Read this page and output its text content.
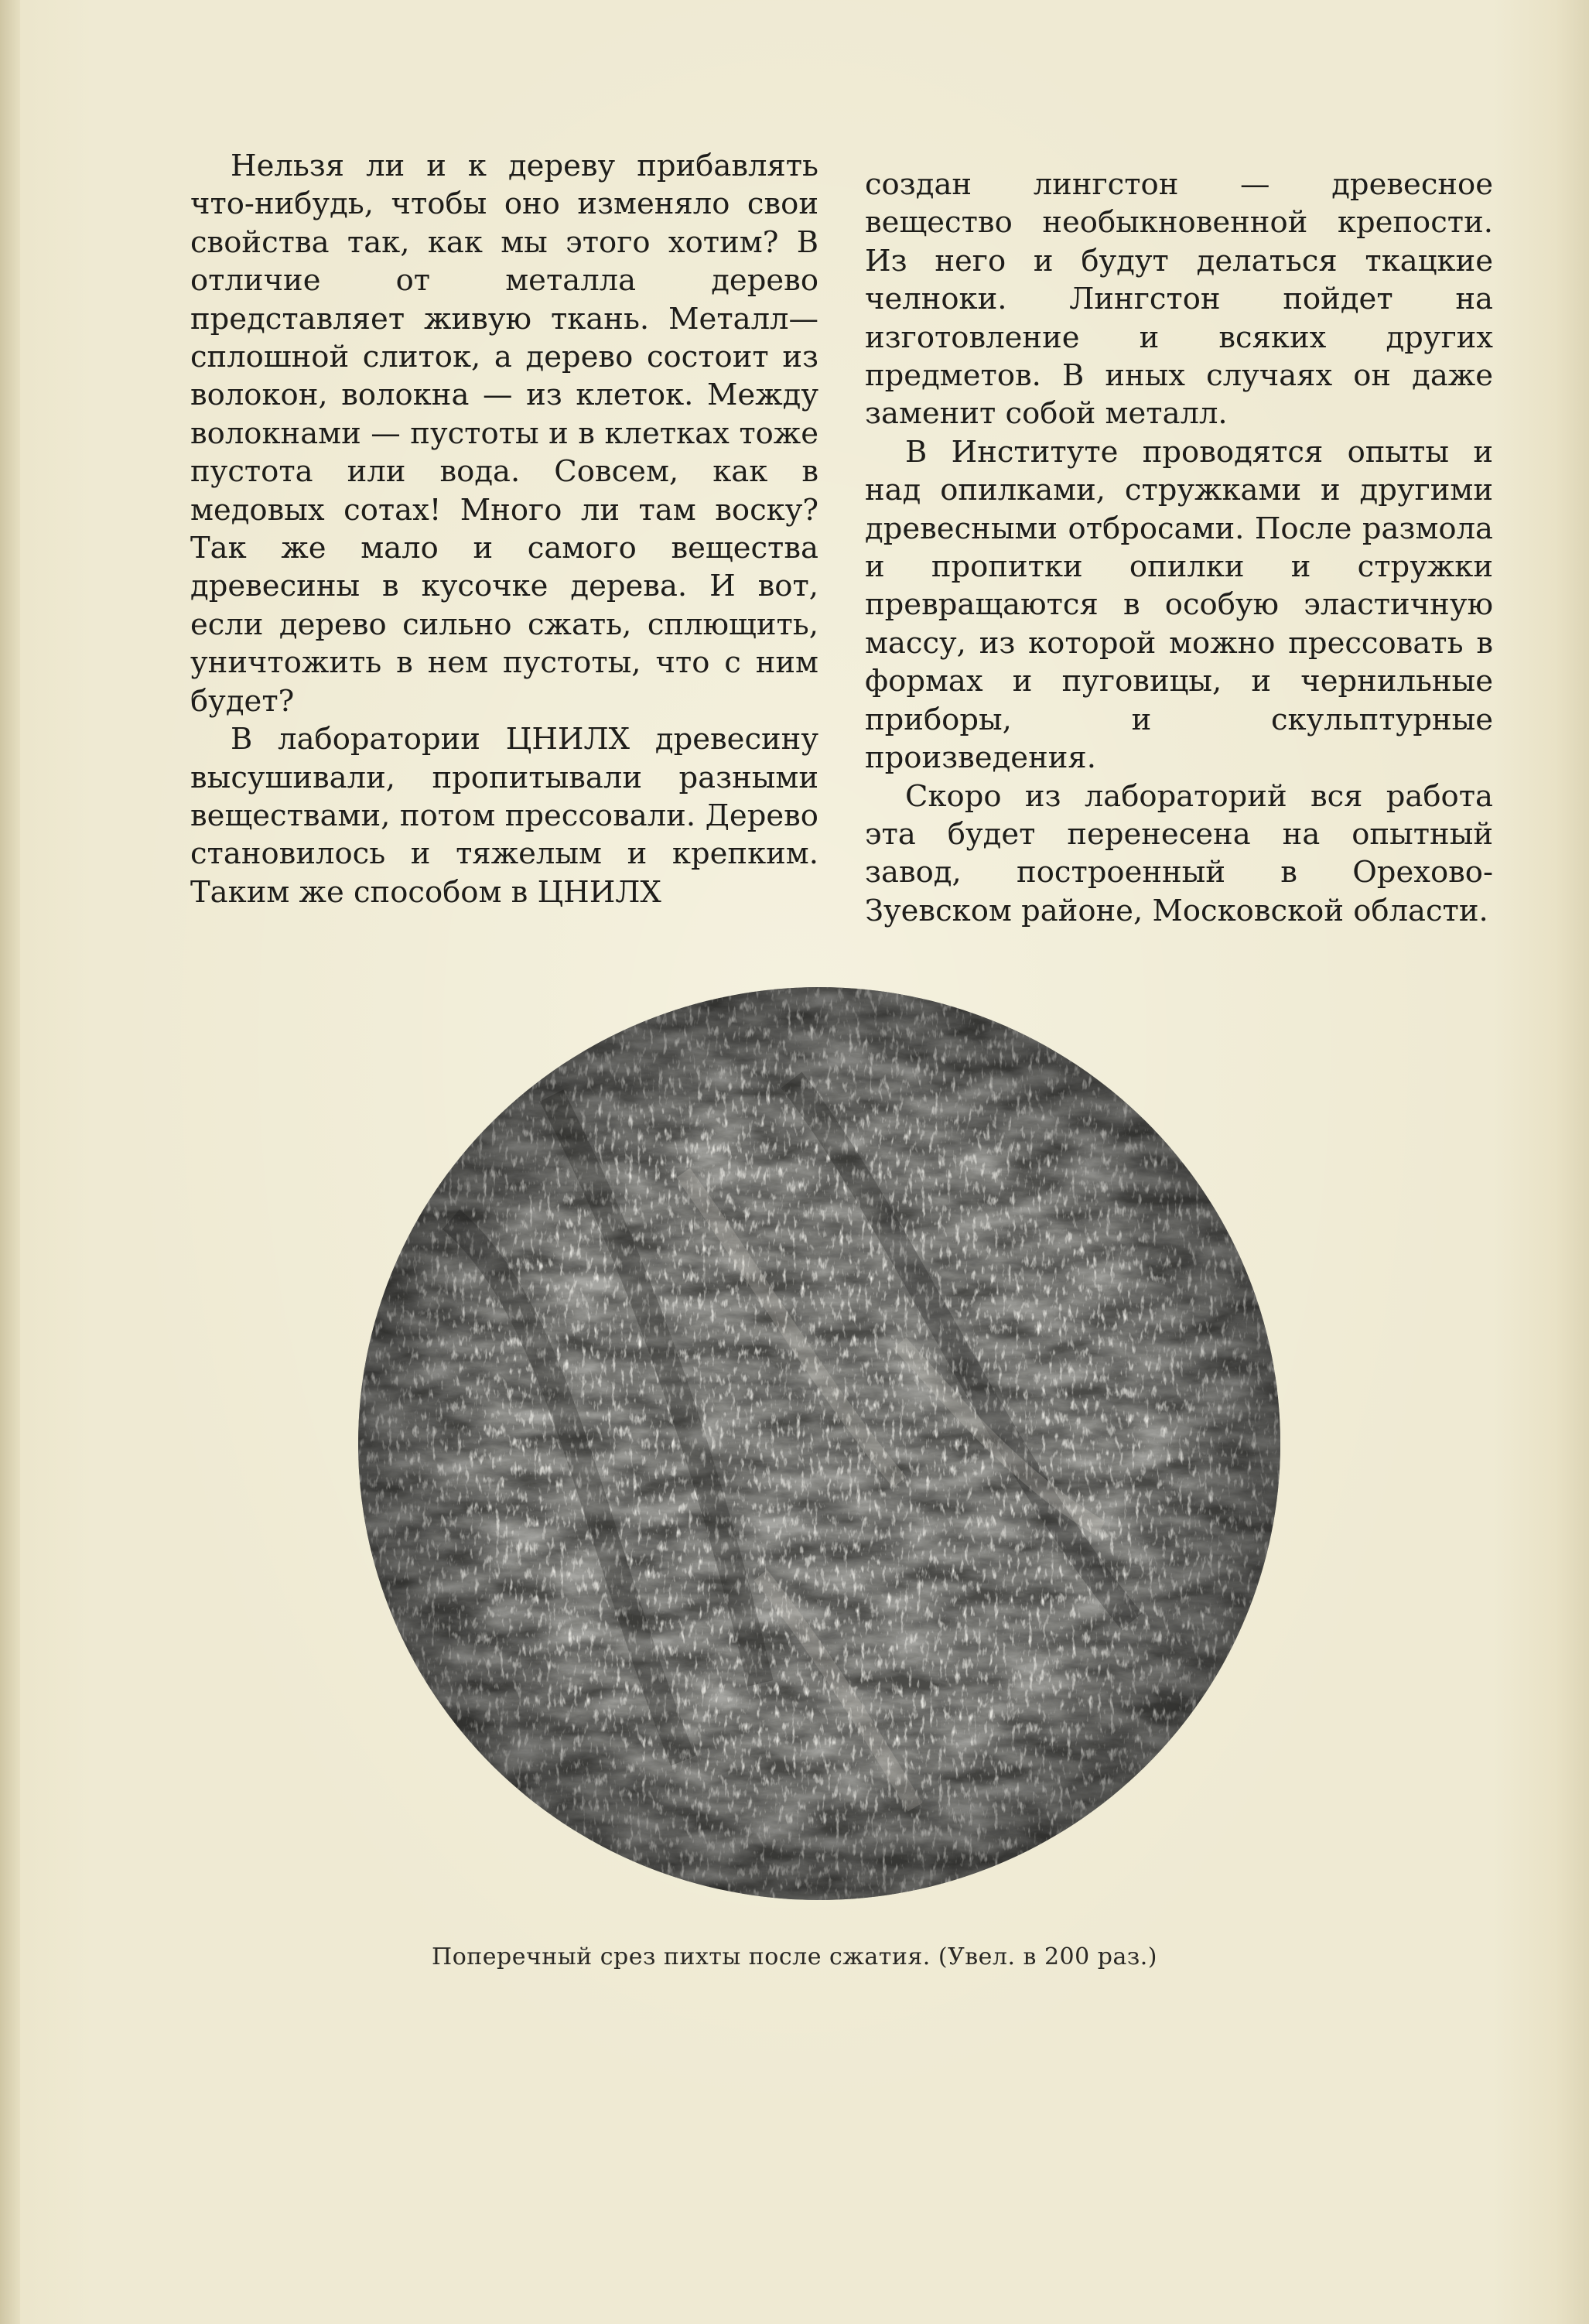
Нельзя ли и к дереву прибавлять что-нибудь, чтобы оно изменяло свои свойства так, как мы этого хотим? В отличие от металла дерево представляет живую ткань. Металл—сплошной слиток, а дерево состоит из волокон, волокна — из клеток. Между волокнами — пустоты и в клетках тоже пустота или вода. Совсем, как в медовых сотах! Много ли там воску? Так же мало и самого вещества древесины в кусочке дерева. И вот, если дерево сильно сжать, сплющить, уничтожить в нем пустоты, что с ним будет?

В лаборатории ЦНИЛХ древесину высушивали, пропитывали разными веществами, потом прессовали. Дерево становилось и тяжелым и крепким. Таким же способом в ЦНИЛХ

создан лингстон — древесное вещество необыкновенной крепости. Из него и будут делаться ткацкие челноки. Лингстон пойдет на изготовление и всяких других предметов. В иных случаях он даже заменит собой металл.

В Институте проводятся опыты и над опилками, стружками и другими древесными отбросами. После размола и пропитки опилки и стружки превращаются в особую эластичную массу, из которой можно прессовать в формах и пуговицы, и чернильные приборы, и скульптурные произведения.

Скоро из лабораторий вся работа эта будет перенесена на опытный завод, построенный в Орехово-Зуевском районе, Московской области.

Поперечный срез пихты после сжатия. (Увел. в 200 раз.)
